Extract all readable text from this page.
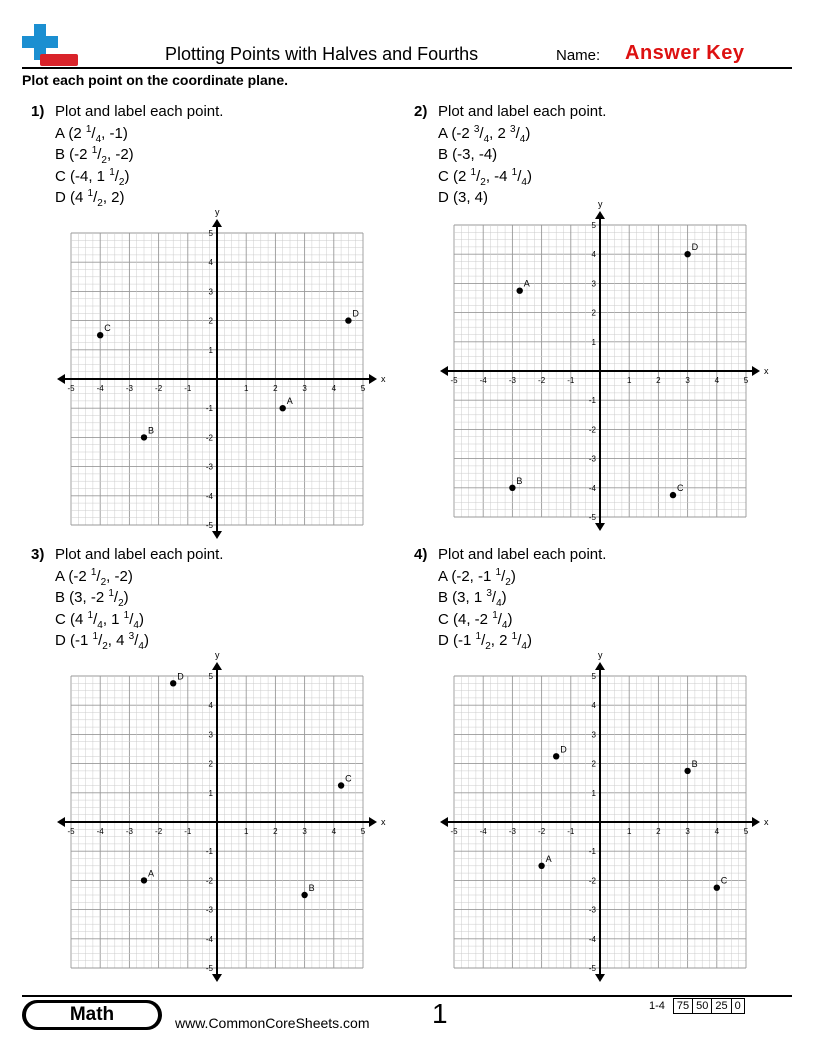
Plotting Points with Halves and Fourths	Name: Answer Key
Plot each point on the coordinate plane.
1) Plot and label each point.
A (2 $^1/_4$, -1)
B (-2 $^1/_2$, -2)
C (-4, 1 $^1/_2$)
D (4 $^1/_2$, 2)
2) Plot and label each point.
A (-2 $^3/_4$, 2 $^3/_4$)
B (-3, -4)
C (2 $^1/_2$, -4 $^1/_4$)
D (3, 4)
3) Plot and label each point.
A (-2 $^1/_2$, -2)
B (3, -2 $^1/_2$)
C (4 $^1/_4$, 1 $^1/_4$)
D (-1 $^1/_2$, 4 $^3/_4$)
4) Plot and label each point.
A (-2, -1 $^1/_2$)
B (3, 1 $^3/_4$)
C (4, -2 $^1/_4$)
D (-1 $^1/_2$, 2 $^1/_4$)
x
y
-5
-5
-4
-4
-3
-3
-2
-2
-1
-1
1
1
2
2
3
3
4
4
5
5
A
B
C
D
x
y
-5
-5
-4
-4
-3
-3
-2
-2
-1
-1
1
1
2
2
3
3
4
4
5
5
A
B
C
D
x
y
-5
-5
-4
-4
-3
-3
-2
-2
-1
-1
1
1
2
2
3
3
4
4
5
5
A
B
C
D
x
y
-5
-5
-4
-4
-3
-3
-2
-2
-1
-1
1
1
2
2
3
3
4
4
5
5
A
B
C
D
Math	www.CommonCoreSheets.com 1	1-4	75	50	25	0
